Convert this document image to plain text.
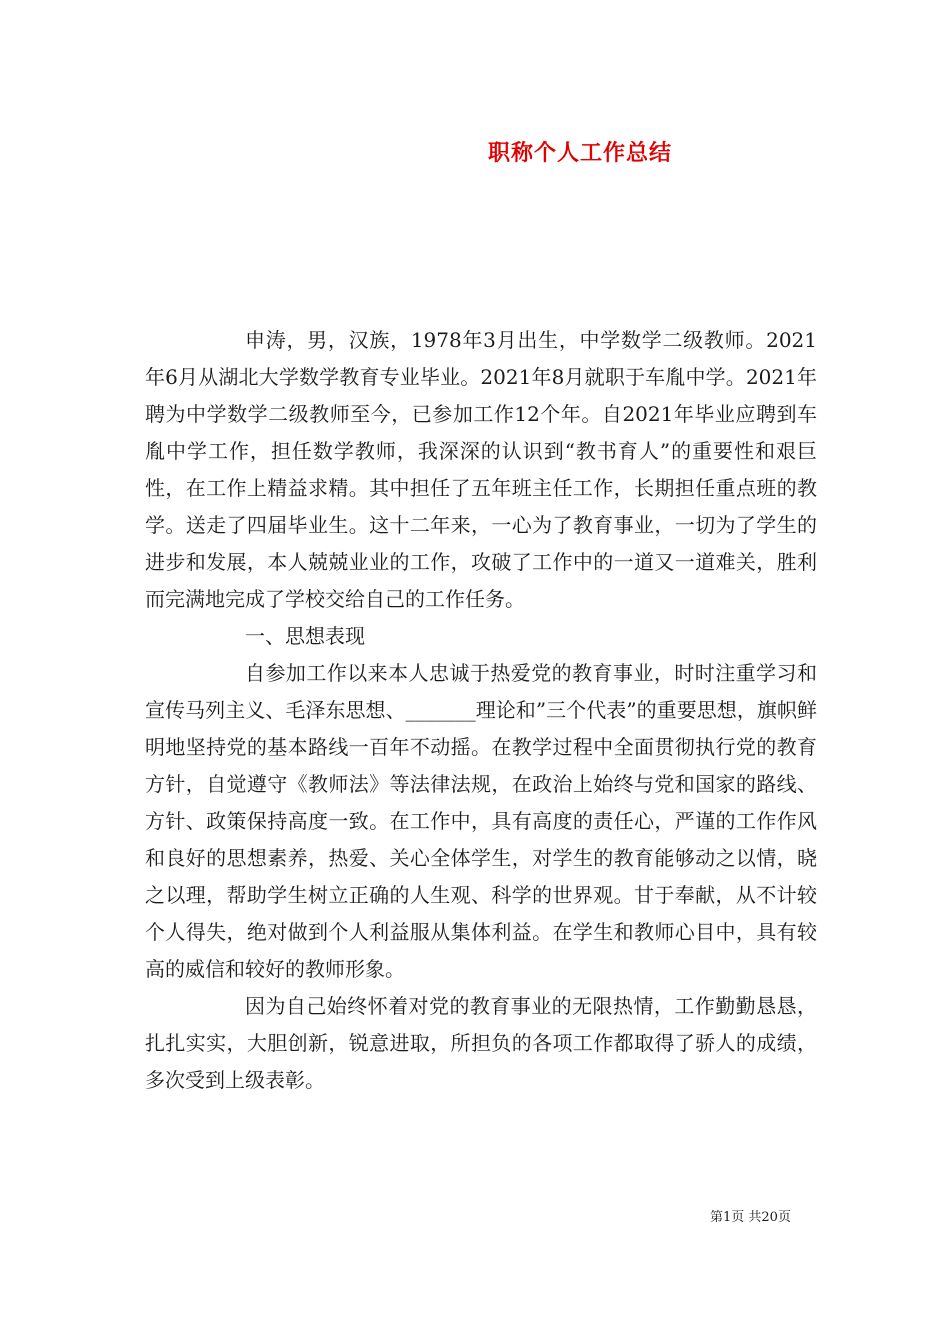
职称个人工作总结

申涛，男，汉族，1978年3月出生，中学数学二级教师。2021年6月从湖北大学数学教育专业毕业。2021年8月就职于车胤中学。2021年聘为中学数学二级教师至今，已参加工作12个年。自2021年毕业应聘到车胤中学工作，担任数学教师，我深深的认识到“教书育人”的重要性和艰巨性，在工作上精益求精。其中担任了五年班主任工作，长期担任重点班的教学。送走了四届毕业生。这十二年来，一心为了教育事业，一切为了学生的进步和发展，本人兢兢业业的工作，攻破了工作中的一道又一道难关，胜利而完满地完成了学校交给自己的工作任务。

一、思想表现

自参加工作以来本人忠诚于热爱党的教育事业，时时注重学习和宣传马列主义、毛泽东思想、_______理论和”三个代表”的重要思想，旗帜鲜明地坚持党的基本路线一百年不动摇。在教学过程中全面贯彻执行党的教育方针，自觉遵守《教师法》等法律法规，在政治上始终与党和国家的路线、方针、政策保持高度一致。在工作中，具有高度的责任心，严谨的工作作风和良好的思想素养，热爱、关心全体学生，对学生的教育能够动之以情，晓之以理，帮助学生树立正确的人生观、科学的世界观。甘于奉献，从不计较个人得失，绝对做到个人利益服从集体利益。在学生和教师心目中，具有较高的威信和较好的教师形象。

因为自己始终怀着对党的教育事业的无限热情，工作勤勤恳恳，扎扎实实，大胆创新，锐意进取，所担负的各项工作都取得了骄人的成绩，多次受到上级表彰。

第1页 共20页
